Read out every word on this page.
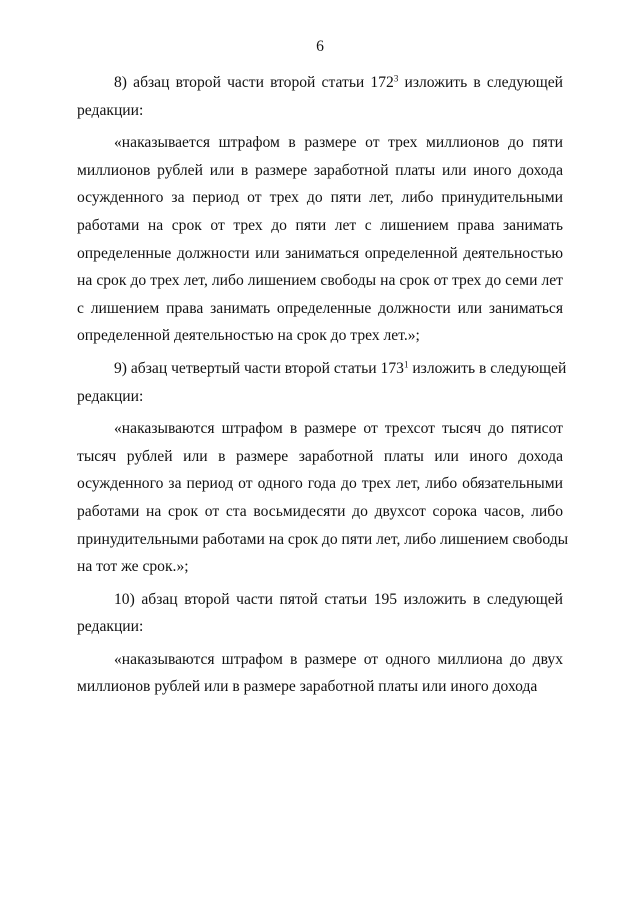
6
8) абзац второй части второй статьи $172^3$ изложить в следующей
редакции:
«наказывается штрафом в размере от трех миллионов до пяти
миллионов рублей или в размере заработной платы или иного дохода
осужденного за период от трех до пяти лет, либо принудительными
работами на срок от трех до пяти лет с лишением права занимать
определенные должности или заниматься определенной деятельностью
на срок до трех лет, либо лишением свободы на срок от трех до семи лет
с лишением права занимать определенные должности или заниматься
определенной деятельностью на срок до трех лет.»;
9) абзац четвертый части второй статьи $173^1$ изложить в следующей
редакции:
«наказываются штрафом в размере от трехсот тысяч до пятисот
тысяч рублей или в размере заработной платы или иного дохода
осужденного за период от одного года до трех лет, либо обязательными
работами на срок от ста восьмидесяти до двухсот сорока часов, либо
принудительными работами на срок до пяти лет, либо лишением свободы
на тот же срок.»;
10) абзац второй части пятой статьи 195 изложить в следующей
редакции:
«наказываются штрафом в размере от одного миллиона до двух
миллионов рублей или в размере заработной платы или иного дохода
